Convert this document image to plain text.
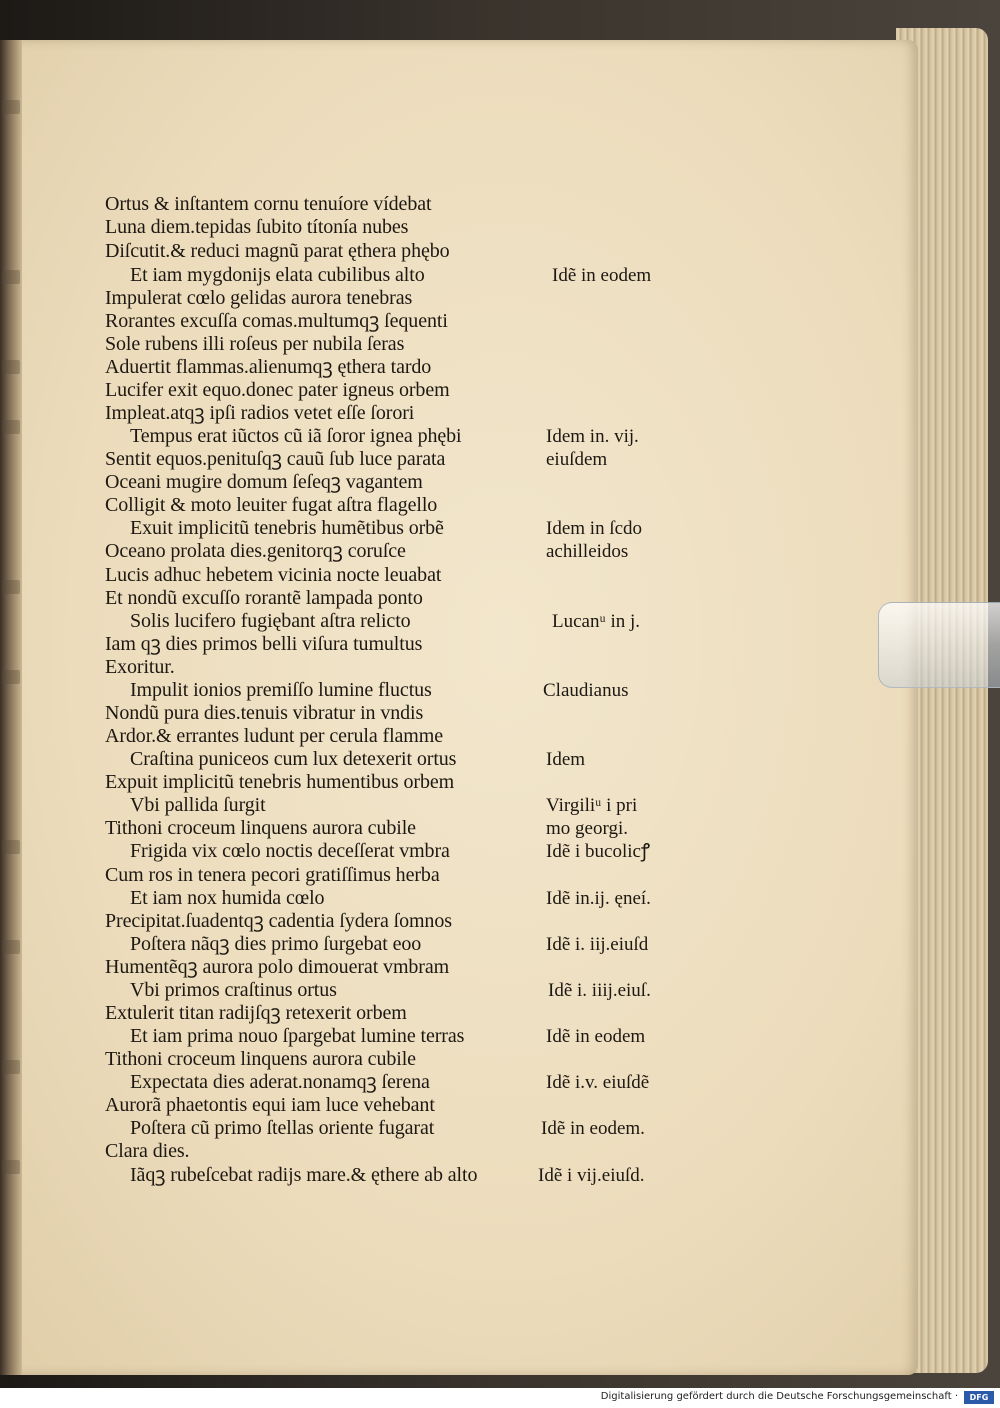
Ortus & inſtantem cornu tenuíore vídebat
Luna diem.tepidas ſubito títonía nubes
Diſcutit.& reduci magnũ parat ęthera phębo
Et iam mygdonĳs elata cubilibus alto
Impulerat cœlo gelidas aurora tenebras
Rorantes excuſſa comas.multumqꝫ ſequenti
Sole rubens illi roſeus per nubila ſeras
Aduertit flammas.alienumqꝫ ęthera tardo
Lucifer exit equo.donec pater igneus orbem
Impleat.atqꝫ ipſi radios vetet eſſe ſorori
Tempus erat iũctos cũ iã ſoror ignea phębi
Sentit equos.penituſqꝫ cauũ ſub luce parata
Oceani mugire domum ſeſeqꝫ vagantem
Colligit & moto leuiter fugat aſtra flagello
Exuit implicitũ tenebris humẽtibus orbẽ
Oceano prolata dies.genitorqꝫ coruſce
Lucis adhuc hebetem vicinia nocte leuabat
Et nondũ excuſſo rorantẽ lampada ponto
Solis lucifero fugiębant aſtra relicto
Iam qꝫ dies primos belli viſura tumultus
Exoritur.
Impulit ionios premiſſo lumine fluctus
Nondũ pura dies.tenuis vibratur in vndis
Ardor.& errantes ludunt per cerula flamme
Craſtina puniceos cum lux detexerit ortus
Expuit implicitũ tenebris humentibus orbem
Vbi pallida ſurgit
Tithoni croceum linquens aurora cubile
Frigida vix cœlo noctis deceſſerat vmbra
Cum ros in tenera pecori gratiſſimus herba
Et iam nox humida cœlo
Precipitat.ſuadentqꝫ cadentia ſydera ſomnos
Poſtera nãqꝫ dies primo ſurgebat eoo
Humentẽqꝫ aurora polo dimouerat vmbram
Vbi primos craſtinus ortus
Extulerit titan radĳſqꝫ retexerit orbem
Et iam prima nouo ſpargebat lumine terras
Tithoni croceum linquens aurora cubile
Expectata dies aderat.nonamqꝫ ſerena
Aurorã phaetontis equi iam luce vehebant
Poſtera cũ primo ſtellas oriente fugarat
Clara dies.
Iãqꝫ rubeſcebat radĳs mare.& ęthere ab alto
Idẽ in eodem
Idem in. vĳ.
eiuſdem
Idem in ſcdo
achilleidos
Lucanᵘ in j.
Claudianus
Idem
Virgiliᵘ i pri
mo georgi.
Idẽ i bucolicꝭ
Idẽ in.ĳ. ęneí.
Idẽ i. iĳ.eiuſd
Idẽ i. iiĳ.eiuſ.
Idẽ in eodem
Idẽ i.v. eiuſdẽ
Idẽ in eodem.
Idẽ i vĳ.eiuſd.
Digitalisierung gefördert durch die Deutsche Forschungsgemeinschaft ·	DFG
